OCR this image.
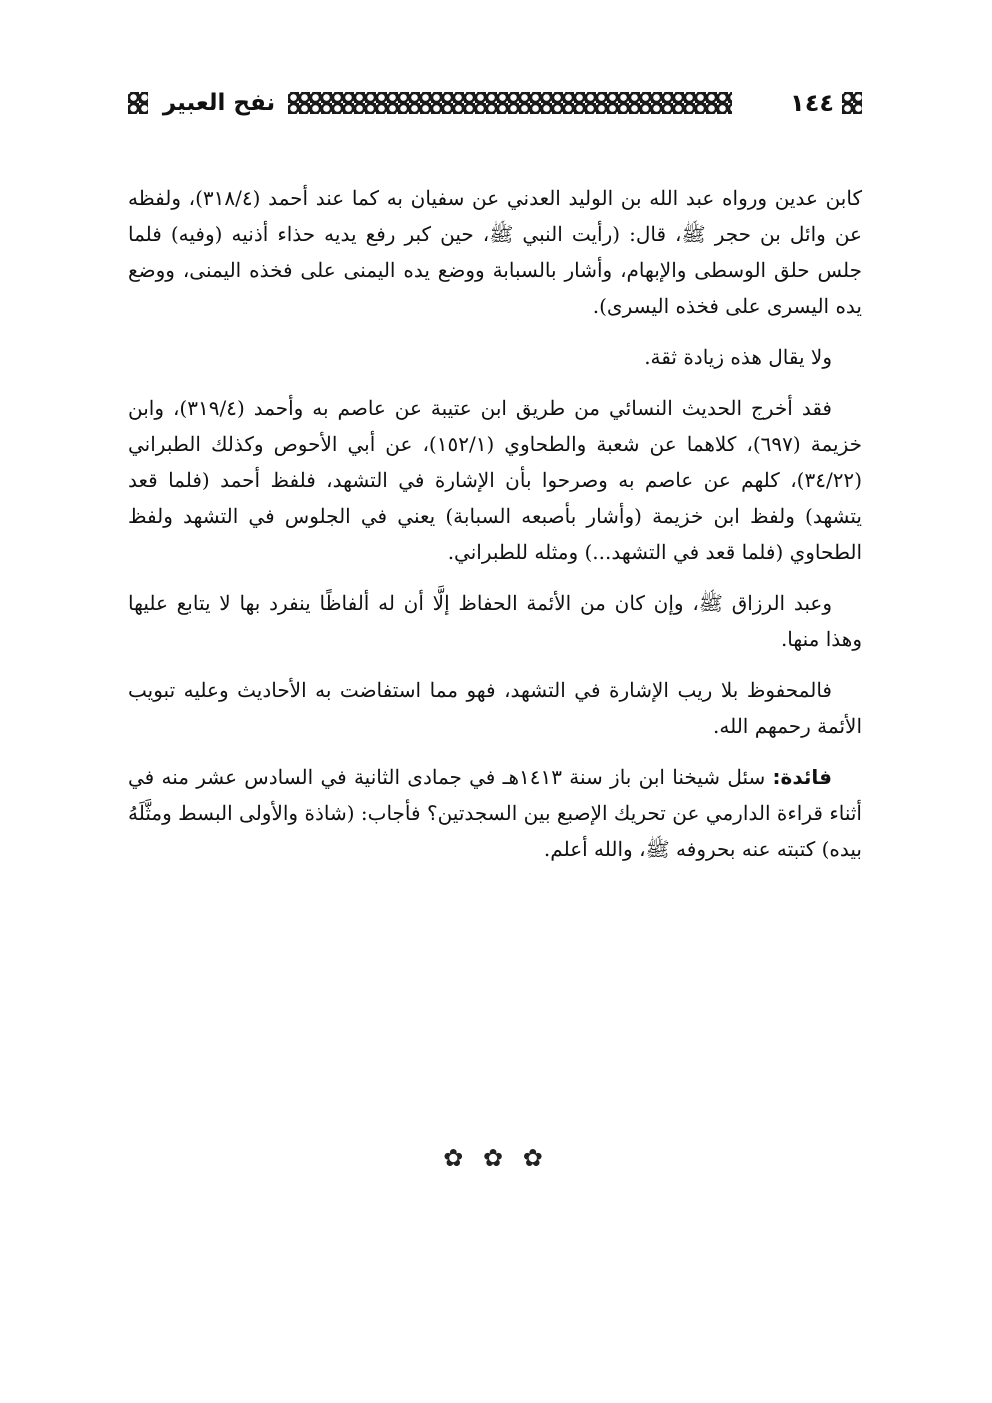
١٤٤
نفح العبير

كابن عدين ورواه عبد الله بن الوليد العدني عن سفيان به كما عند أحمد (٣١٨/٤)، ولفظه عن وائل بن حجر ﷺ، قال: (رأيت النبي ﷺ، حين كبر رفع يديه حذاء أذنيه (وفيه) فلما جلس حلق الوسطى والإبهام، وأشار بالسبابة ووضع يده اليمنى على فخذه اليمنى، ووضع يده اليسرى على فخذه اليسرى).

ولا يقال هذه زيادة ثقة.

فقد أخرج الحديث النسائي من طريق ابن عتيبة عن عاصم به وأحمد (٣١٩/٤)، وابن خزيمة (٦٩٧)، كلاهما عن شعبة والطحاوي (١٥٢/١)، عن أبي الأحوص وكذلك الطبراني (٣٤/٢٢)، كلهم عن عاصم به وصرحوا بأن الإشارة في التشهد، فلفظ أحمد (فلما قعد يتشهد) ولفظ ابن خزيمة (وأشار بأصبعه السبابة) يعني في الجلوس في التشهد ولفظ الطحاوي (فلما قعد في التشهد...) ومثله للطبراني.

وعبد الرزاق ﷺ، وإن كان من الأئمة الحفاظ إلَّا أن له ألفاظًا ينفرد بها لا يتابع عليها وهذا منها.

فالمحفوظ بلا ريب الإشارة في التشهد، فهو مما استفاضت به الأحاديث وعليه تبويب الأئمة رحمهم الله.

فائدة: سئل شيخنا ابن باز سنة ١٤١٣هـ في جمادى الثانية في السادس عشر منه في أثناء قراءة الدارمي عن تحريك الإصبع بين السجدتين؟ فأجاب: (شاذة والأولى البسط ومثَّلَهُ بيده) كتبته عنه بحروفه ﷺ، والله أعلم.

✿ ✿ ✿
